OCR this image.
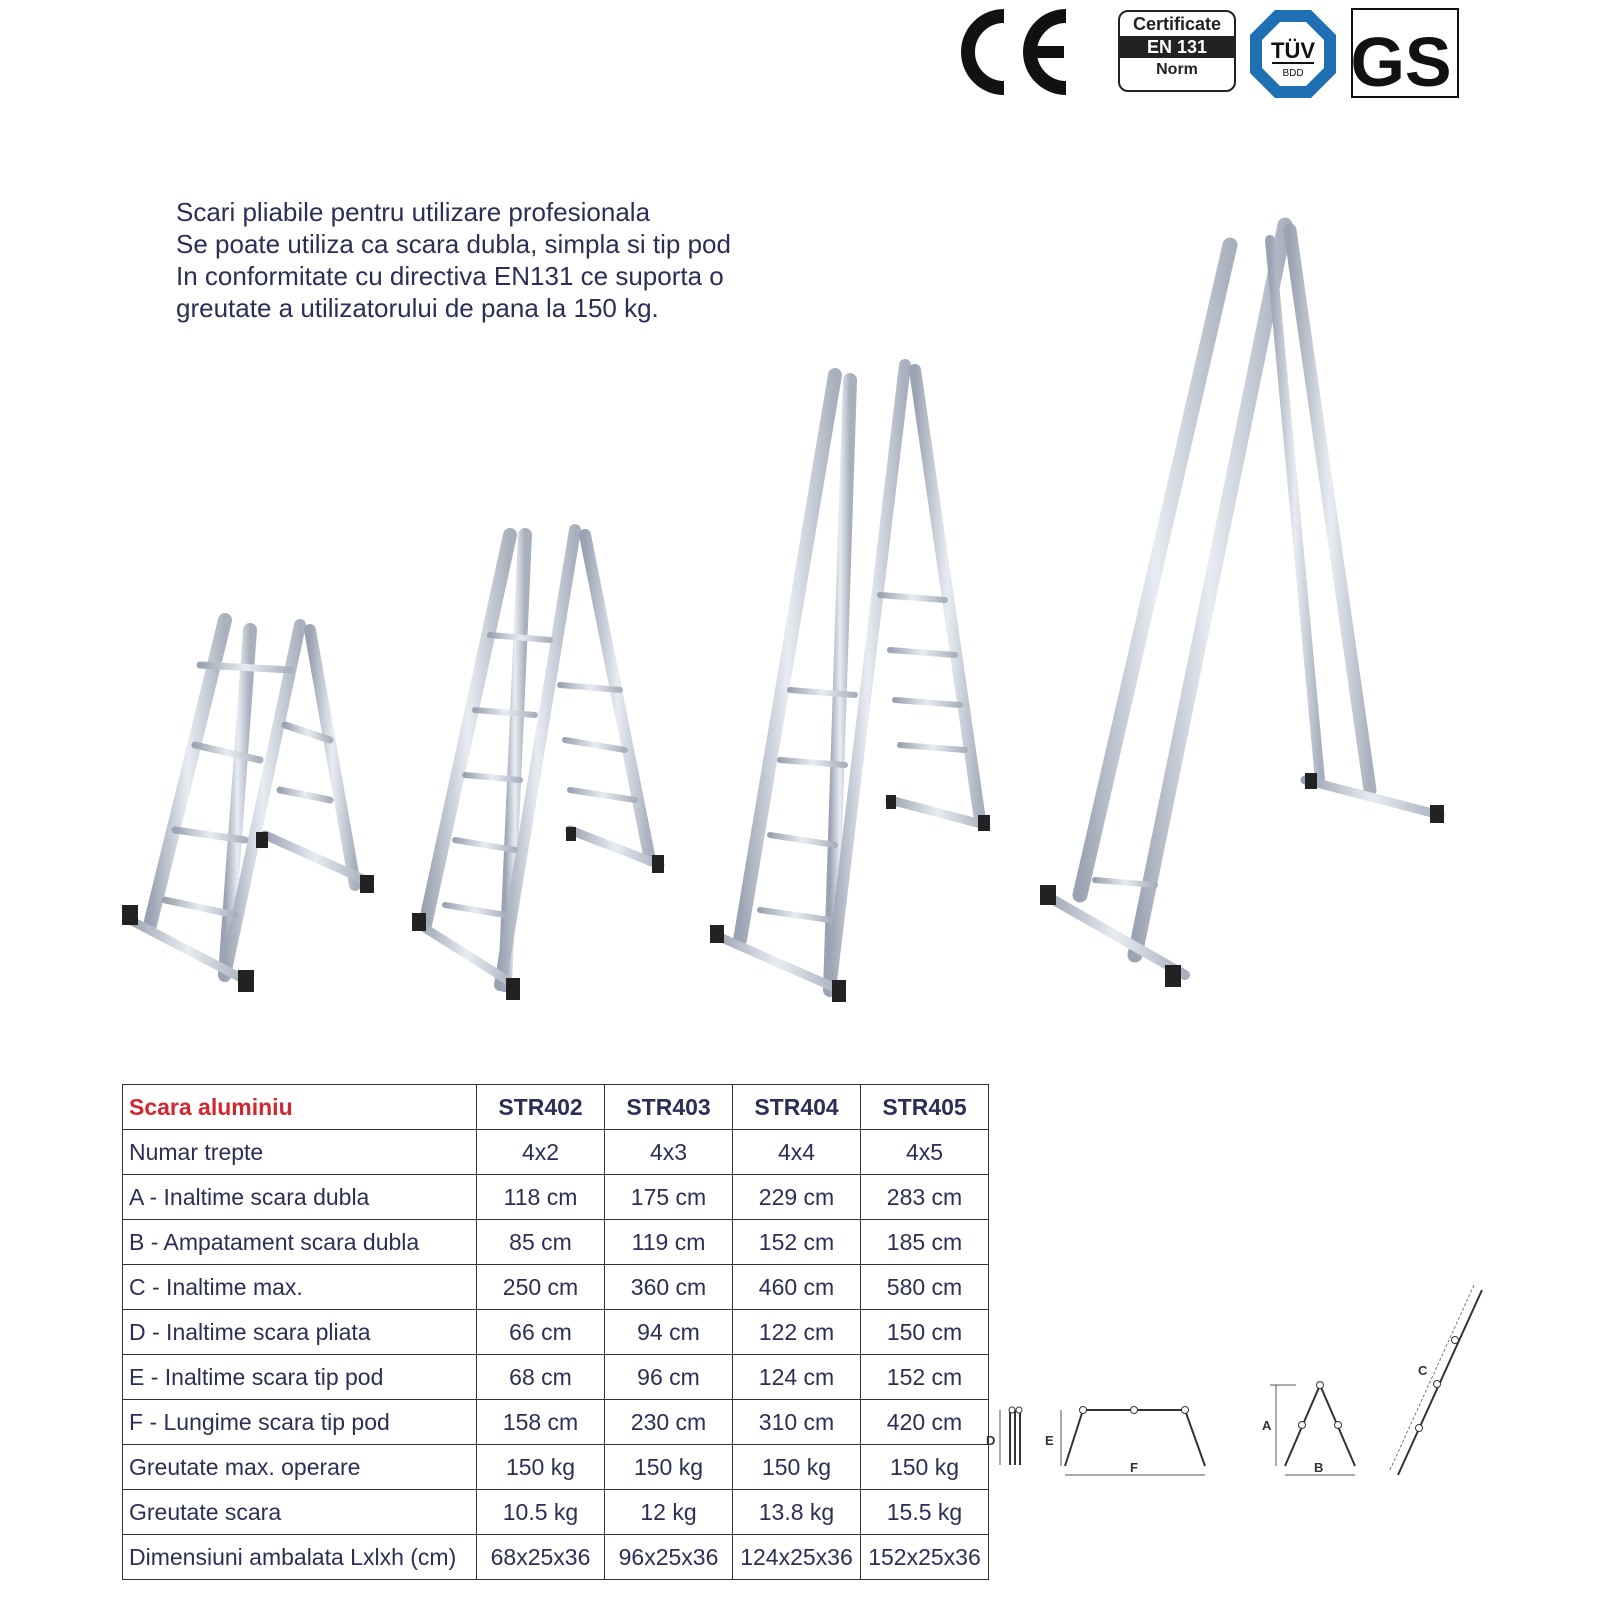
Certificate
EN 131
Norm
TÜV
BDD GS
Scari pliabile pentru utilizare profesionala
Se poate utiliza ca scara dubla, simpla si tip pod
In conformitate cu directiva EN131 ce suporta o
greutate a utilizatorului de pana la 150 kg.
Scara aluminiu	STR402	STR403	STR404	STR405
Numar trepte	4x2	4x3	4x4	4x5
A - Inaltime scara dubla	118 cm	175 cm	229 cm	283 cm
B - Ampatament scara dubla	85 cm	119 cm	152 cm	185 cm
C - Inaltime max.	250 cm	360 cm	460 cm	580 cm
D - Inaltime scara pliata	66 cm	94 cm	122 cm	150 cm
E - Inaltime scara tip pod	68 cm	96 cm	124 cm	152 cm
F - Lungime scara tip pod	158 cm	230 cm	310 cm	420 cm
Greutate max. operare	150 kg	150 kg	150 kg	150 kg
Greutate scara	10.5 kg	12 kg	13.8 kg	15.5 kg
Dimensiuni ambalata Lxlxh (cm)	68x25x36	96x25x36	124x25x36	152x25x36
D	E
F
A
B
C
